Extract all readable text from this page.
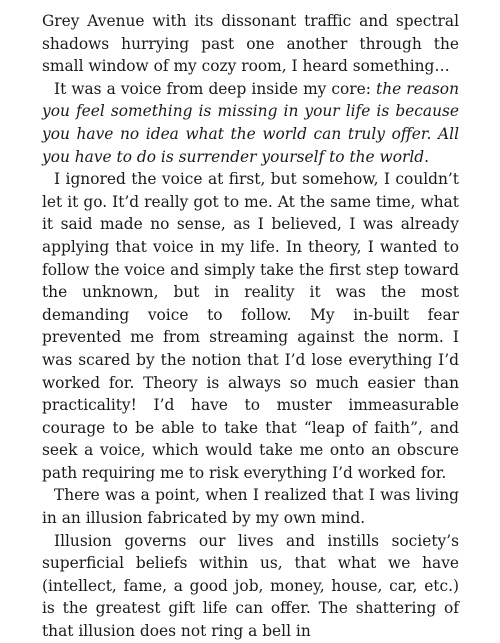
Grey Avenue with its dissonant traffic and spectral shadows hurrying past one another through the small window of my cozy room, I heard something…

It was a voice from deep inside my core: the reason you feel something is missing in your life is because you have no idea what the world can truly offer. All you have to do is surrender yourself to the world.

I ignored the voice at first, but somehow, I couldn’t let it go. It’d really got to me. At the same time, what it said made no sense, as I believed, I was already applying that voice in my life. In theory, I wanted to follow the voice and simply take the first step toward the unknown, but in reality it was the most demanding voice to follow. My in-built fear prevented me from streaming against the norm. I was scared by the notion that I’d lose everything I’d worked for. Theory is always so much easier than practicality! I’d have to muster immeasurable courage to be able to take that “leap of faith”, and seek a voice, which would take me onto an obscure path requiring me to risk everything I’d worked for.

There was a point, when I realized that I was living in an illusion fabricated by my own mind.

Illusion governs our lives and instills society’s superficial beliefs within us, that what we have (intellect, fame, a good job, money, house, car, etc.) is the greatest gift life can offer. The shattering of that illusion does not ring a bell in
